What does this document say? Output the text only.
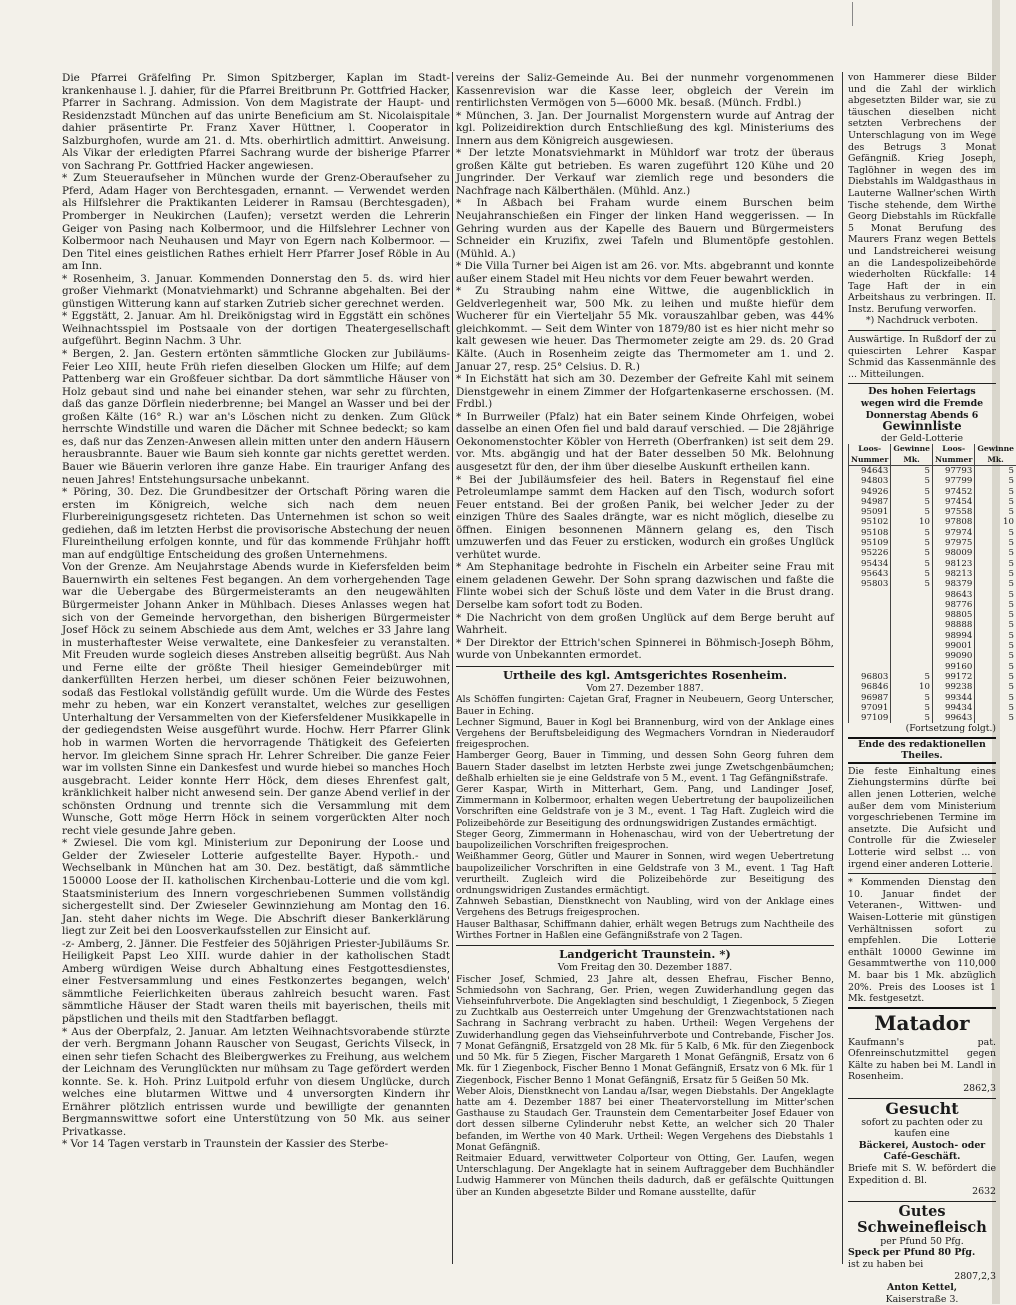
Die Pfarrei Gräfelfing Pr. Simon Spitzberger, Kaplan im Stadt-krankenhause l. J. dahier, für die Pfarrei Breitbrunn Pr. Gottfried Hacker, Pfarrer in Sachrang. Admission. Von dem Magistrate der Haupt- und Residenzstadt München auf das unirte Beneficium am St. Nicolaispitale dahier präsentirte Pr. Franz Xaver Hüttner, l. Cooperator in Salzburghofen, wurde am 21. d. Mts. oberhirtlich admittirt. Anweisung. Als Vikar der erledigten Pfarrei Sachrang wurde der bisherige Pfarrer von Sachrang Pr. Gottfried Hacker angewiesen.

* Zum Steueraufseher in München wurde der Grenz-Oberaufseher zu Pferd, Adam Hager von Berchtesgaden, ernannt. — Verwendet werden als Hilfslehrer die Praktikanten Leiderer in Ramsau (Berchtesgaden), Promberger in Neukirchen (Laufen); versetzt werden die Lehrerin Geiger von Pasing nach Kolbermoor, und die Hilfslehrer Lechner von Kolbermoor nach Neuhausen und Mayr von Egern nach Kolbermoor. — Den Titel eines geistlichen Rathes erhielt Herr Pfarrer Josef Röble in Au am Inn.

* Rosenheim, 3. Januar. Kommenden Donnerstag den 5. ds. wird hier großer Viehmarkt (Monatviehmarkt) und Schranne abgehalten. Bei der günstigen Witterung kann auf starken Zutrieb sicher gerechnet werden.

* Eggstätt, 2. Januar. Am hl. Dreikönigstag wird in Eggstätt ein schönes Weihnachtsspiel im Postsaale von der dortigen Theatergesellschaft aufgeführt. Beginn Nachm. 3 Uhr.

* Bergen, 2. Jan. Gestern ertönten sämmtliche Glocken zur Jubiläums-Feier Leo XIII, heute Früh riefen dieselben Glocken um Hilfe; auf dem Pattenberg war ein Großfeuer sichtbar. Da dort sämmtliche Häuser von Holz gebaut sind und nahe bei einander stehen, war sehr zu fürchten, daß das ganze Dörflein niederbrenne; bei Mangel an Wasser und bei der großen Kälte (16° R.) war an's Löschen nicht zu denken. Zum Glück herrschte Windstille und waren die Dächer mit Schnee bedeckt; so kam es, daß nur das Zenzen-Anwesen allein mitten unter den andern Häusern herausbrannte. Bauer wie Baum sieh konnte gar nichts gerettet werden. Bauer wie Bäuerin verloren ihre ganze Habe. Ein trauriger Anfang des neuen Jahres! Entstehungsursache unbekannt.

* Pöring, 30. Dez. Die Grundbesitzer der Ortschaft Pöring waren die ersten im Königreich, welche sich nach dem neuen Flurbereinigungsgesetz richteten. Das Unternehmen ist schon so weit gediehen, daß im letzten Herbst die provisorische Abstechung der neuen Flureintheilung erfolgen konnte, und für das kommende Frühjahr hofft man auf endgültige Entscheidung des großen Unternehmens.

Von der Grenze. Am Neujahrstage Abends wurde in Kiefersfelden beim Bauernwirth ein seltenes Fest begangen. An dem vorhergehenden Tage war die Uebergabe des Bürgermeisteramts an den neugewählten Bürgermeister Johann Anker in Mühlbach. Dieses Anlasses wegen hat sich von der Gemeinde hervorgethan, den bisherigen Bürgermeister Josef Höck zu seinem Abschiede aus dem Amt, welches er 33 Jahre lang in musterhaftester Weise verwaltete, eine Dankesfeier zu veranstalten. Mit Freuden wurde sogleich dieses Anstreben allseitig begrüßt. Aus Nah und Ferne eilte der größte Theil hiesiger Gemeindebürger mit dankerfüllten Herzen herbei, um dieser schönen Feier beizuwohnen, sodaß das Festlokal vollständig gefüllt wurde. Um die Würde des Festes mehr zu heben, war ein Konzert veranstaltet, welches zur geselligen Unterhaltung der Versammelten von der Kiefersfeldener Musikkapelle in der gediegendsten Weise ausgeführt wurde. Hochw. Herr Pfarrer Glink hob in warmen Worten die hervorragende Thätigkeit des Gefeierten hervor. Im gleichem Sinne sprach Hr. Lehrer Schreiber. Die ganze Feier war im vollsten Sinne ein Dankesfest und wurde hiebei so manches Hoch ausgebracht. Leider konnte Herr Höck, dem dieses Ehrenfest galt, kränklichkeit halber nicht anwesend sein. Der ganze Abend verlief in der schönsten Ordnung und trennte sich die Versammlung mit dem Wunsche, Gott möge Herrn Höck in seinem vorgerückten Alter noch recht viele gesunde Jahre geben.

* Zwiesel. Die vom kgl. Ministerium zur Deponirung der Loose und Gelder der Zwieseler Lotterie aufgestellte Bayer. Hypoth.- und Wechselbank in München hat am 30. Dez. bestätigt, daß sämmtliche 150000 Loose der II. katholischen Kirchenbau-Lotterie und die vom kgl. Staatsministerium des Innern vorgeschriebenen Summen vollständig sichergestellt sind. Der Zwieseler Gewinnziehung am Montag den 16. Jan. steht daher nichts im Wege. Die Abschrift dieser Bankerklärung liegt zur Zeit bei den Loosverkaufsstellen zur Einsicht auf.

-z- Amberg, 2. Jänner. Die Festfeier des 50jährigen Priester-Jubiläums Sr. Heiligkeit Papst Leo XIII. wurde dahier in der katholischen Stadt Amberg würdigen Weise durch Abhaltung eines Festgottesdienstes, einer Festversammlung und eines Festkonzertes begangen, welch' sämmtliche Feierlichkeiten überaus zahlreich besucht waren. Fast sämmtliche Häuser der Stadt waren theils mit bayerischen, theils mit päpstlichen und theils mit den Stadtfarben beflaggt.

* Aus der Oberpfalz, 2. Januar. Am letzten Weihnachtsvorabende stürzte der verh. Bergmann Johann Rauscher von Seugast, Gerichts Vilseck, in einen sehr tiefen Schacht des Bleibergwerkes zu Freihung, aus welchem der Leichnam des Verunglückten nur mühsam zu Tage gefördert werden konnte. Se. k. Hoh. Prinz Luitpold erfuhr von diesem Unglücke, durch welches eine blutarmen Wittwe und 4 unversorgten Kindern ihr Ernährer plötzlich entrissen wurde und bewilligte der genannten Bergmannswittwe sofort eine Unterstützung von 50 Mk. aus seiner Privatkasse.

* Vor 14 Tagen verstarb in Traunstein der Kassier des Sterbe-

vereins der Saliz-Gemeinde Au. Bei der nunmehr vorgenommenen Kassenrevision war die Kasse leer, obgleich der Verein im rentirlichsten Vermögen von 5—6000 Mk. besaß. (Münch. Frdbl.)

* München, 3. Jan. Der Journalist Morgenstern wurde auf Antrag der kgl. Polizeidirektion durch Entschließung des kgl. Ministeriums des Innern aus dem Königreich ausgewiesen.

* Der letzte Monatsviehmarkt in Mühldorf war trotz der überaus großen Kälte gut betrieben. Es waren zugeführt 120 Kühe und 20 Jungrinder. Der Verkauf war ziemlich rege und besonders die Nachfrage nach Kälberthälen. (Mühld. Anz.)

* In Aßbach bei Fraham wurde einem Burschen beim Neujahranschießen ein Finger der linken Hand weggerissen. — In Gehring wurden aus der Kapelle des Bauern und Bürgermeisters Schneider ein Kruzifix, zwei Tafeln und Blumentöpfe gestohlen. (Mühld. A.)

* Die Villa Turner bei Aigen ist am 26. vor. Mts. abgebrannt und konnte außer einem Stadel mit Heu nichts vor dem Feuer bewahrt werden.

* Zu Straubing nahm eine Wittwe, die augenblicklich in Geldverlegenheit war, 500 Mk. zu leihen und mußte hiefür dem Wucherer für ein Vierteljahr 55 Mk. vorauszahlbar geben, was 44% gleichkommt. — Seit dem Winter von 1879/80 ist es hier nicht mehr so kalt gewesen wie heuer. Das Thermometer zeigte am 29. ds. 20 Grad Kälte. (Auch in Rosenheim zeigte das Thermometer am 1. und 2. Januar 27, resp. 25° Celsius. D. R.)

* In Eichstätt hat sich am 30. Dezember der Gefreite Kahl mit seinem Dienstgewehr in einem Zimmer der Hofgartenkaserne erschossen. (M. Frdbl.)

* In Burrweiler (Pfalz) hat ein Bater seinem Kinde Ohrfeigen, wobei dasselbe an einen Ofen fiel und bald darauf verschied. — Die 28jährige Oekonomenstochter Köbler von Herreth (Oberfranken) ist seit dem 29. vor. Mts. abgängig und hat der Bater desselben 50 Mk. Belohnung ausgesetzt für den, der ihm über dieselbe Auskunft ertheilen kann.

* Bei der Jubiläumsfeier des heil. Baters in Regenstauf fiel eine Petroleumlampe sammt dem Hacken auf den Tisch, wodurch sofort Feuer entstand. Bei der großen Panik, bei welcher Jeder zu der einzigen Thüre des Saales drängte, war es nicht möglich, dieselbe zu öffnen. Einigen besonnenen Männern gelang es, den Tisch umzuwerfen und das Feuer zu ersticken, wodurch ein großes Unglück verhütet wurde.

* Am Stephanitage bedrohte in Fischeln ein Arbeiter seine Frau mit einem geladenen Gewehr. Der Sohn sprang dazwischen und faßte die Flinte wobei sich der Schuß löste und dem Vater in die Brust drang. Derselbe kam sofort todt zu Boden.

* Die Nachricht von dem großen Unglück auf dem Berge beruht auf Wahrheit.

* Der Direktor der Ettrich'schen Spinnerei in Böhmisch-Joseph Böhm, wurde von Unbekannten ermordet.

Urtheile des kgl. Amtsgerichtes Rosenheim.
Vom 27. Dezember 1887.

Als Schöffen fungirten: Cajetan Graf, Fragner in Neubeuern, Georg Unterscher, Bauer in Eching.

Lechner Sigmund, Bauer in Kogl bei Brannenburg, wird von der Anklage eines Vergehens der Beruftsbeleidigung des Wegmachers Vorndran in Niederaudorf freigesprochen.

Hamberger Georg, Bauer in Timming, und dessen Sohn Georg fuhren dem Bauern Stader daselbst im letzten Herbste zwei junge Zwetschgenbäumchen; deßhalb erhielten sie je eine Geldstrafe von 5 M., event. 1 Tag Gefängnißstrafe.

Gerer Kaspar, Wirth in Mitterhart, Gem. Pang, und Landinger Josef, Zimmermann in Kolbermoor, erhalten wegen Uebertretung der baupolizeilichen Vorschriften eine Geldstrafe von je 3 M., event. 1 Tag Haft. Zugleich wird die Polizeibehörde zur Beseitigung des ordnungswidrigen Zustandes ermächtigt.

Steger Georg, Zimmermann in Hohenaschau, wird von der Uebertretung der baupolizeilichen Vorschriften freigesprochen.

Weißhammer Georg, Gütler und Maurer in Sonnen, wird wegen Uebertretung baupolizeilicher Vorschriften in eine Geldstrafe von 3 M., event. 1 Tag Haft verurtheilt. Zugleich wird die Polizeibehörde zur Beseitigung des ordnungswidrigen Zustandes ermächtigt.

Zahnweh Sebastian, Dienstknecht von Naubling, wird von der Anklage eines Vergehens des Betrugs freigesprochen.

Hauser Balthasar, Schiffmann dahier, erhält wegen Betrugs zum Nachtheile des Wirthes Fortner in Haßlen eine Gefängnißstrafe von 2 Tagen.

Landgericht Traunstein. *)
Vom Freitag den 30. Dezember 1887.

Fischer Josef, Schmied, 23 Jahre alt, dessen Ehefrau, Fischer Benno, Schmiedsohn von Sachrang, Ger. Prien, wegen Zuwiderhandlung gegen das Viehseinfuhrverbote. Die Angeklagten sind beschuldigt, 1 Ziegenbock, 5 Ziegen zu Zuchtkalb aus Oesterreich unter Umgehung der Grenzwachtstationen nach Sachrang in Sachrang verbracht zu haben. Urtheil: Wegen Vergehens der Zuwiderhandlung gegen das Viehseinfuhrverbote und Contrebande, Fischer Jos. 7 Monat Gefängniß, Ersatzgeld von 28 Mk. für 5 Kalb, 6 Mk. für den Ziegenbock und 50 Mk. für 5 Ziegen, Fischer Margareth 1 Monat Gefängniß, Ersatz von 6 Mk. für 1 Ziegenbock, Fischer Benno 1 Monat Gefängniß, Ersatz von 6 Mk. für 1 Ziegenbock, Fischer Benno 1 Monat Gefängniß, Ersatz für 5 Geißen 50 Mk.

Weber Alois, Dienstknecht von Landau a/Isar, wegen Diebstahls. Der Angeklagte hatte am 4. Dezember 1887 bei einer Theatervorstellung im Mitter'schen Gasthause zu Staudach Ger. Traunstein dem Cementarbeiter Josef Edauer von dort dessen silberne Cylinderuhr nebst Kette, an welcher sich 20 Thaler befanden, im Werthe von 40 Mark. Urtheil: Wegen Vergehens des Diebstahls 1 Monat Gefängniß.

Reitmaier Eduard, verwittweter Colporteur von Otting, Ger. Laufen, wegen Unterschlagung. Der Angeklagte hat in seinem Auftraggeber dem Buchhändler Ludwig Hammerer von München theils dadurch, daß er gefälschte Quittungen über an Kunden abgesetzte Bilder und Romane ausstellte, dafür

von Hammerer diese Bilder und die Zahl der wirklich abgesetzten Bilder war, sie zu täuschen dieselben nicht setzten Verbrechens der Unterschlagung von im Wege des Betrugs 3 Monat Gefängniß. Krieg Joseph, Taglöhner in wegen des im Diebstahls im Waldgasthaus in Lauterne Wallner'schen Wirth Tische stehende, dem Wirthe Georg Diebstahls im Rückfalle 5 Monat Berufung des Maurers Franz wegen Bettels und Landstreicherei weisung an die Landespolizeibehörde wiederholten Rückfalle: 14 Tage Haft der in ein Arbeitshaus zu verbringen. II. Instz. Berufung verworfen.

*) Nachdruck verboten.

Auswärtige. In Rußdorf der zu quiescirten Lehrer Kaspar Schmid das Kassenmännle des ... Mitteilungen.

Des hohen Feiertags
wegen wird die Fremde
Donnerstag Abends 6
Gewinnliste
der Geld-Lotterie
Loos-Nummer	Gewinne Mk.	Loos-Nummer	Gewinne Mk.
94643	5	97793	5
94803	5	97799	5
94926	5	97452	5
94987	5	97454	5
95091	5	97558	5
95102	10	97808	10
95108	5	97974	5
95109	5	97975	5
95226	5	98009	5
95434	5	98123	5
95643	5	98213	5
95803	5	98379	5
		98643	5
		98776	5
		98805	5
		98888	5
		98994	5
		99001	5
		99090	5
		99160	5
96803	5	99172	5
96846	10	99238	5
96987	5	99344	5
97091	5	99434	5
97109	5	99643	5
(Fortsetzung folgt.)
Ende des redaktionellen Theiles.

Die feste Einhaltung eines Ziehungstermins dürfte bei allen jenen Lotterien, welche außer dem vom Ministerium vorgeschriebenen Termine im ansetzte. Die Aufsicht und Controlle für die Zwieseler Lotterie wird selbst ... von irgend einer anderen Lotterie.

* Kommenden Dienstag den 10. Januar findet der Veteranen-, Wittwen- und Waisen-Lotterie mit günstigen Verhältnissen sofort zu empfehlen. Die Lotterie enthält 10000 Gewinne im Gesammtwerthe von 110,000 M. baar bis 1 Mk. abzüglich 20%. Preis des Looses ist 1 Mk. festgesetzt.

Matador

Kaufmann's pat. Ofenreinschutzmittel gegen Kälte zu haben bei M. Landl in Rosenheim.

2862,3
Gesucht

sofort zu pachten oder zu kaufen eine

Bäckerei, Austoch- oder Café-Geschäft.

Briefe mit S. W. befördert die Expedition d. Bl.

2632
Gutes Schweinefleisch

per Pfund 50 Pfg.

Speck per Pfund 80 Pfg.

ist zu haben bei

2807,2,3

Anton Kettel,

Kaiserstraße 3.
